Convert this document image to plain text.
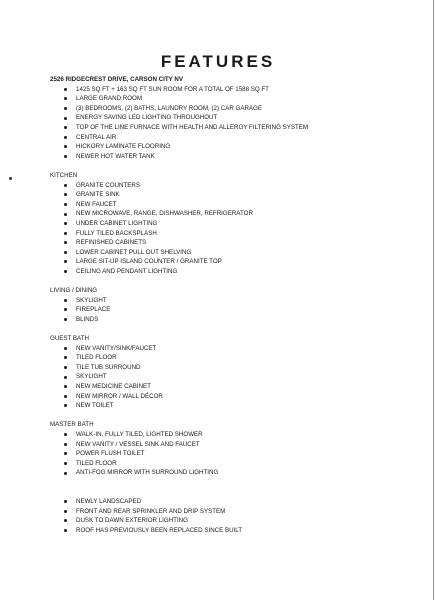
FEATURES
2526 RIDGECREST DRIVE, CARSON CITY NV
1425 SQ FT + 163 SQ FT SUN ROOM FOR A TOTAL OF 1588 SQ FT
LARGE GRAND ROOM
(3) BEDROOMS, (2) BATHS, LAUNDRY ROOM, (2) CAR GARAGE
ENERGY SAVING LED LIGHTING THROUGHOUT
TOP OF THE LINE FURNACE WITH HEALTH AND ALLERGY FILTERING SYSTEM
CENTRAL AIR
HICKORY LAMINATE FLOORING
NEWER HOT WATER TANK
KITCHEN
GRANITE COUNTERS
GRANITE SINK
NEW FAUCET
NEW MICROWAVE, RANGE, DISHWASHER, REFRIGERATOR
UNDER CABINET LIGHTING
FULLY TILED BACKSPLASH
REFINISHED CABINETS
LOWER CABINET PULL OUT SHELVING
LARGE SIT-UP ISLAND COUNTER / GRANITE TOP
CEILING AND PENDANT LIGHTING
LIVING / DINING
SKYLIGHT
FIREPLACE
BLINDS
GUEST BATH
NEW VANITY/SINK/FAUCET
TILED FLOOR
TILE TUB SURROUND
SKYLIGHT
NEW MEDICINE CABINET
NEW MIRROR / WALL DÉCOR
NEW TOILET
MASTER BATH
WALK-IN, FULLY TILED, LIGHTED SHOWER
NEW VANITY / VESSEL SINK AND FAUCET
POWER FLUSH TOILET
TILED FLOOR
ANTI-FOG MIRROR WITH SURROUND LIGHTING
NEWLY LANDSCAPED
FRONT AND REAR SPRINKLER AND DRIP SYSTEM
DUSK TO DAWN EXTERIOR LIGHTING
ROOF HAS PREVIOUSLY BEEN REPLACED SINCE BUILT
